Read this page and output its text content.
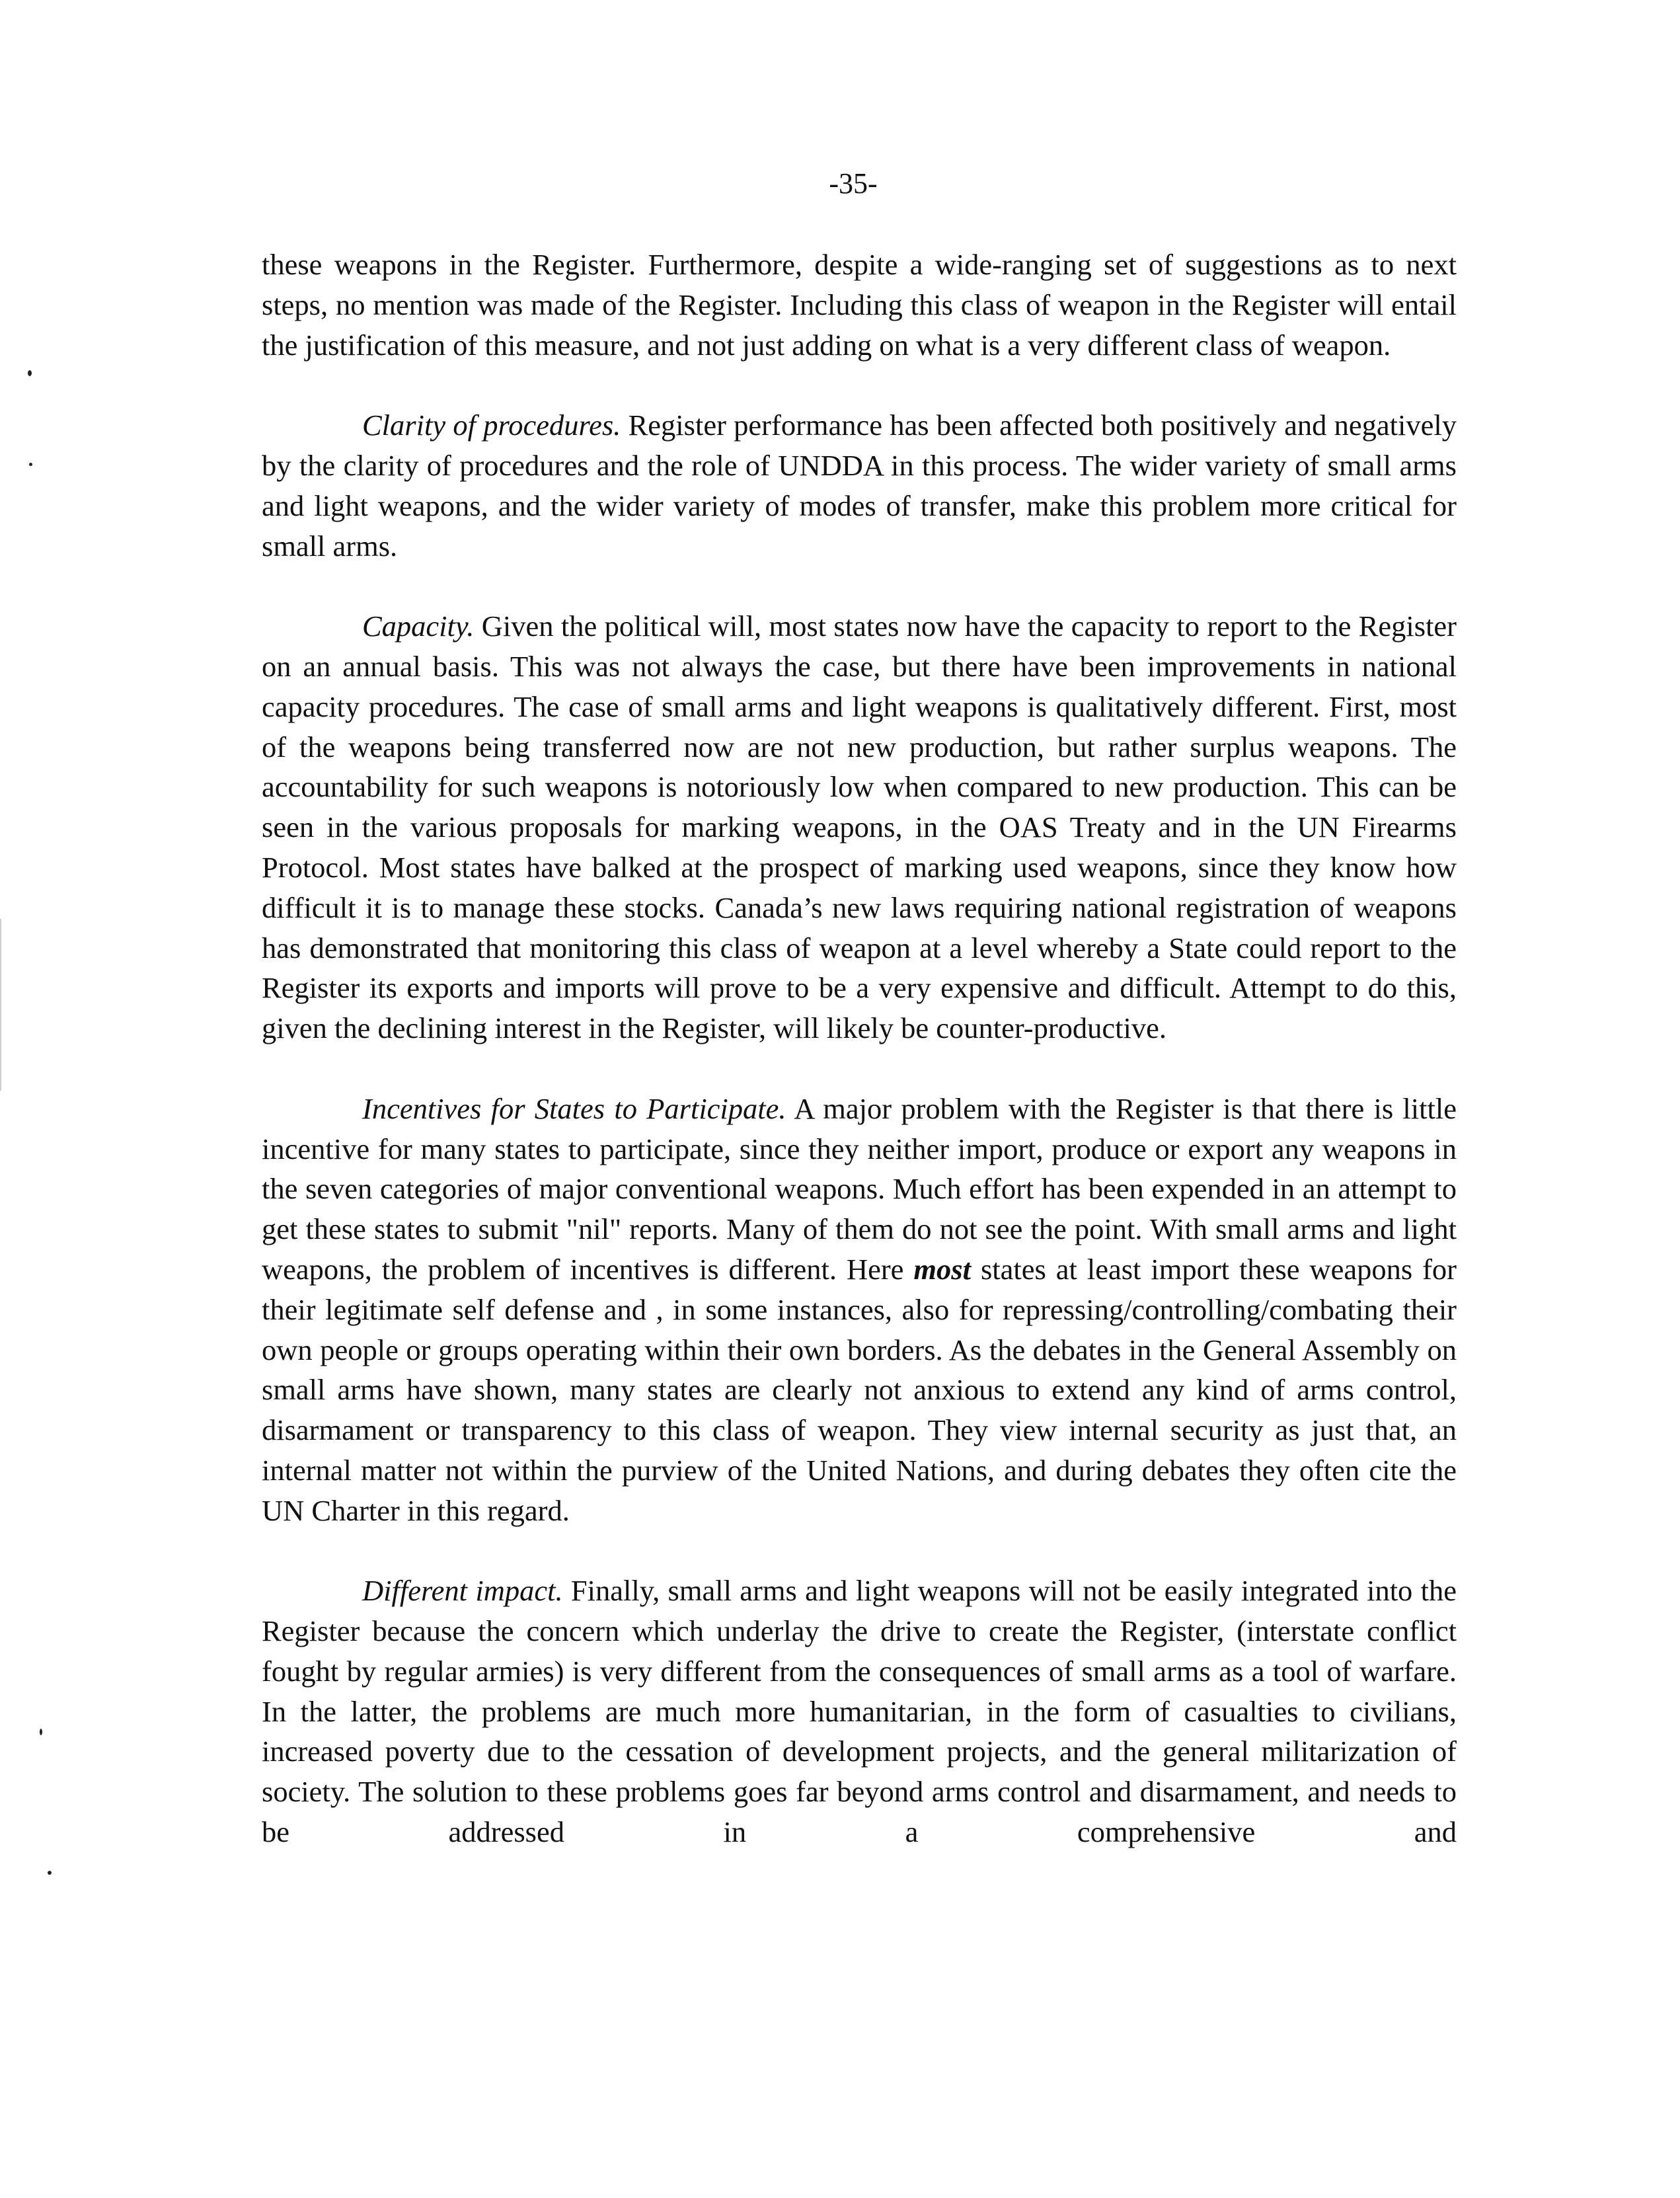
-35-

these weapons in the Register. Furthermore, despite a wide-ranging set of suggestions as to next steps, no mention was made of the Register. Including this class of weapon in the Register will entail the justification of this measure, and not just adding on what is a very different class of weapon.

Clarity of procedures. Register performance has been affected both positively and negatively by the clarity of procedures and the role of UNDDA in this process. The wider variety of small arms and light weapons, and the wider variety of modes of transfer, make this problem more critical for small arms.

Capacity. Given the political will, most states now have the capacity to report to the Register on an annual basis. This was not always the case, but there have been improvements in national capacity procedures. The case of small arms and light weapons is qualitatively different. First, most of the weapons being transferred now are not new production, but rather surplus weapons. The accountability for such weapons is notoriously low when compared to new production. This can be seen in the various proposals for marking weapons, in the OAS Treaty and in the UN Firearms Protocol. Most states have balked at the prospect of marking used weapons, since they know how difficult it is to manage these stocks. Canada’s new laws requiring national registration of weapons has demonstrated that monitoring this class of weapon at a level whereby a State could report to the Register its exports and imports will prove to be a very expensive and difficult. Attempt to do this, given the declining interest in the Register, will likely be counter-productive.

Incentives for States to Participate. A major problem with the Register is that there is little incentive for many states to participate, since they neither import, produce or export any weapons in the seven categories of major conventional weapons. Much effort has been expended in an attempt to get these states to submit "nil" reports. Many of them do not see the point. With small arms and light weapons, the problem of incentives is different. Here most states at least import these weapons for their legitimate self defense and , in some instances, also for repressing/controlling/combating their own people or groups operating within their own borders. As the debates in the General Assembly on small arms have shown, many states are clearly not anxious to extend any kind of arms control, disarmament or transparency to this class of weapon. They view internal security as just that, an internal matter not within the purview of the United Nations, and during debates they often cite the UN Charter in this regard.

Different impact. Finally, small arms and light weapons will not be easily integrated into the Register because the concern which underlay the drive to create the Register, (interstate conflict fought by regular armies) is very different from the consequences of small arms as a tool of warfare. In the latter, the problems are much more humanitarian, in the form of casualties to civilians, increased poverty due to the cessation of development projects, and the general militarization of society. The solution to these problems goes far beyond arms control and disarmament, and needs to be addressed in a comprehensive and
